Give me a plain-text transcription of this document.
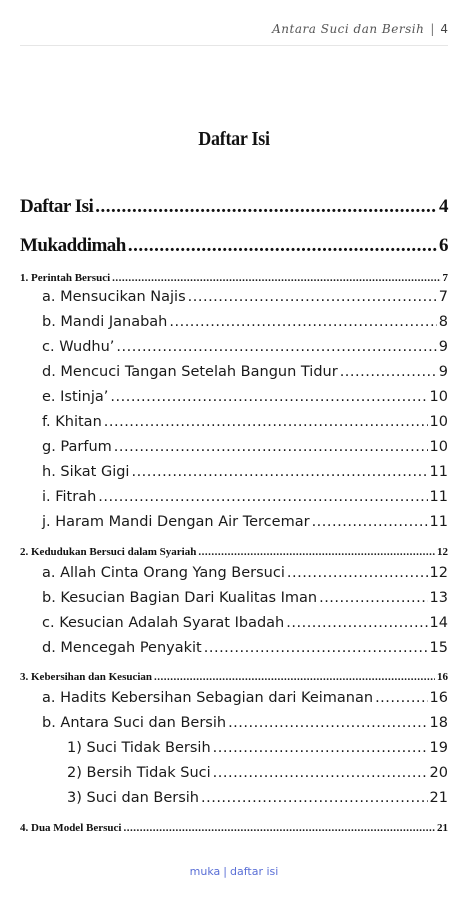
Antara Suci dan Bersih | 4
Daftar Isi
Daftar Isi .....	4
Mukaddimah .....	6
1. Perintah Bersuci .....	7
a. Mensucikan Najis .....	7
b. Mandi Janabah .....	8
c. Wudhu’ .....	9
d. Mencuci Tangan Setelah Bangun Tidur .....	9
e. Istinja’ .....	10
f. Khitan .....	10
g. Parfum .....	10
h. Sikat Gigi .....	11
i. Fitrah .....	11
j. Haram Mandi Dengan Air Tercemar .....	11
2. Kedudukan Bersuci dalam Syariah .....	12
a. Allah Cinta Orang Yang Bersuci .....	12
b. Kesucian Bagian Dari Kualitas Iman .....	13
c. Kesucian Adalah Syarat Ibadah .....	14
d. Mencegah Penyakit .....	15
3. Kebersihan dan Kesucian .....	16
a. Hadits Kebersihan Sebagian dari Keimanan .....	16
b. Antara Suci dan Bersih .....	18
1) Suci Tidak Bersih .....	19
2) Bersih Tidak Suci .....	20
3) Suci dan Bersih .....	21
4. Dua Model Bersuci .....	21
muka | daftar isi
